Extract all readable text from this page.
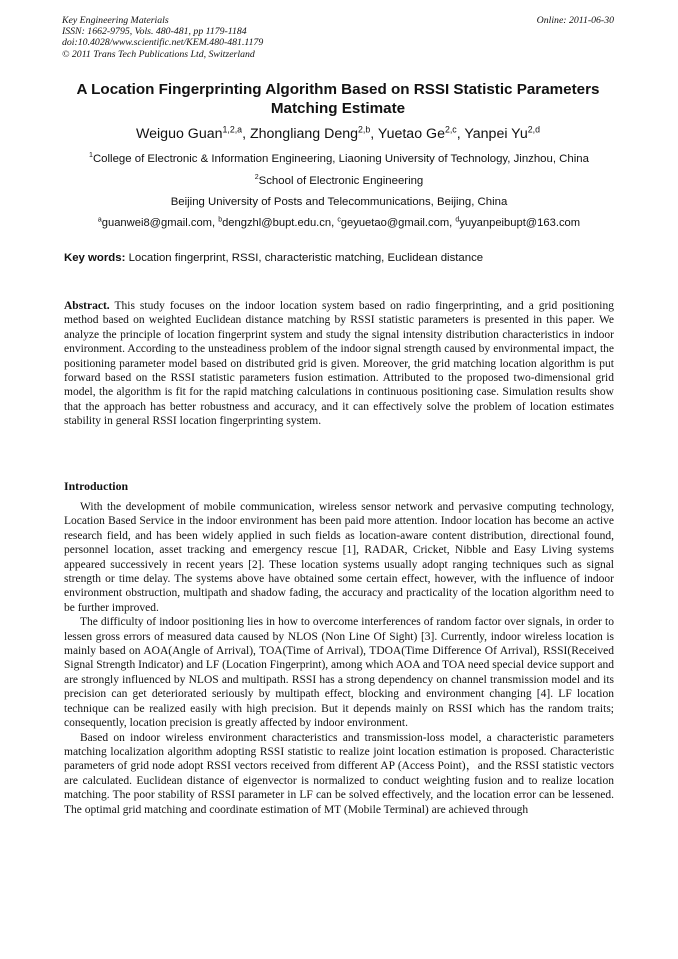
Key Engineering Materials
ISSN: 1662-9795, Vols. 480-481, pp 1179-1184
doi:10.4028/www.scientific.net/KEM.480-481.1179
© 2011 Trans Tech Publications Ltd, Switzerland
Online: 2011-06-30
A Location Fingerprinting Algorithm Based on RSSI Statistic Parameters Matching Estimate
Weiguo Guan$^{1,2,a}$, Zhongliang Deng$^{2,b}$, Yuetao Ge$^{2,c}$, Yanpei Yu$^{2,d}$
$^1$College of Electronic & Information Engineering, Liaoning University of Technology, Jinzhou, China
$^2$School of Electronic Engineering
Beijing University of Posts and Telecommunications, Beijing, China
$^a$guanwei8@gmail.com, $^b$dengzhl@bupt.edu.cn, $^c$geyuetao@gmail.com, $^d$yuyanpeibupt@163.com
Key words: Location fingerprint, RSSI, characteristic matching, Euclidean distance
Abstract. This study focuses on the indoor location system based on radio fingerprinting, and a grid positioning method based on weighted Euclidean distance matching by RSSI statistic parameters is presented in this paper. We analyze the principle of location fingerprint system and study the signal intensity distribution characteristics in indoor environment. According to the unsteadiness problem of the indoor signal strength caused by environmental impact, the positioning parameter model based on distributed grid is given. Moreover, the grid matching location algorithm is put forward based on the RSSI statistic parameters fusion estimation. Attributed to the proposed two-dimensional grid model, the algorithm is fit for the rapid matching calculations in continuous positioning case. Simulation results show that the approach has better robustness and accuracy, and it can effectively solve the problem of location estimates stability in general RSSI location fingerprinting system.
Introduction

With the development of mobile communication, wireless sensor network and pervasive computing technology, Location Based Service in the indoor environment has been paid more attention. Indoor location has become an active research field, and has been widely applied in such fields as location-aware content distribution, directional found, personnel location, asset tracking and emergency rescue [1], RADAR, Cricket, Nibble and Easy Living systems appeared successively in recent years [2]. These location systems usually adopt ranging techniques such as signal strength or time delay. The systems above have obtained some certain effect, however, with the influence of indoor environment obstruction, multipath and shadow fading, the accuracy and practicality of the location algorithm need to be further improved.

The difficulty of indoor positioning lies in how to overcome interferences of random factor over signals, in order to lessen gross errors of measured data caused by NLOS (Non Line Of Sight) [3]. Currently, indoor wireless location is mainly based on AOA(Angle of Arrival), TOA(Time of Arrival), TDOA(Time Difference Of Arrival), RSSI(Received Signal Strength Indicator) and LF (Location Fingerprint), among which AOA and TOA need special device support and are strongly influenced by NLOS and multipath. RSSI has a strong dependency on channel transmission model and its precision can get deteriorated seriously by multipath effect, blocking and environment changing [4]. LF location technique can be realized easily with high precision. But it depends mainly on RSSI which has the random traits; consequently, location precision is greatly affected by indoor environment.

Based on indoor wireless environment characteristics and transmission-loss model, a characteristic parameters matching localization algorithm adopting RSSI statistic to realize joint location estimation is proposed. Characteristic parameters of grid node adopt RSSI vectors received from different AP (Access Point)，and the RSSI statistic vectors are calculated. Euclidean distance of eigenvector is normalized to conduct weighting fusion and to realize location matching. The poor stability of RSSI parameter in LF can be solved effectively, and the location error can be lessened. The optimal grid matching and coordinate estimation of MT (Mobile Terminal) are achieved through
